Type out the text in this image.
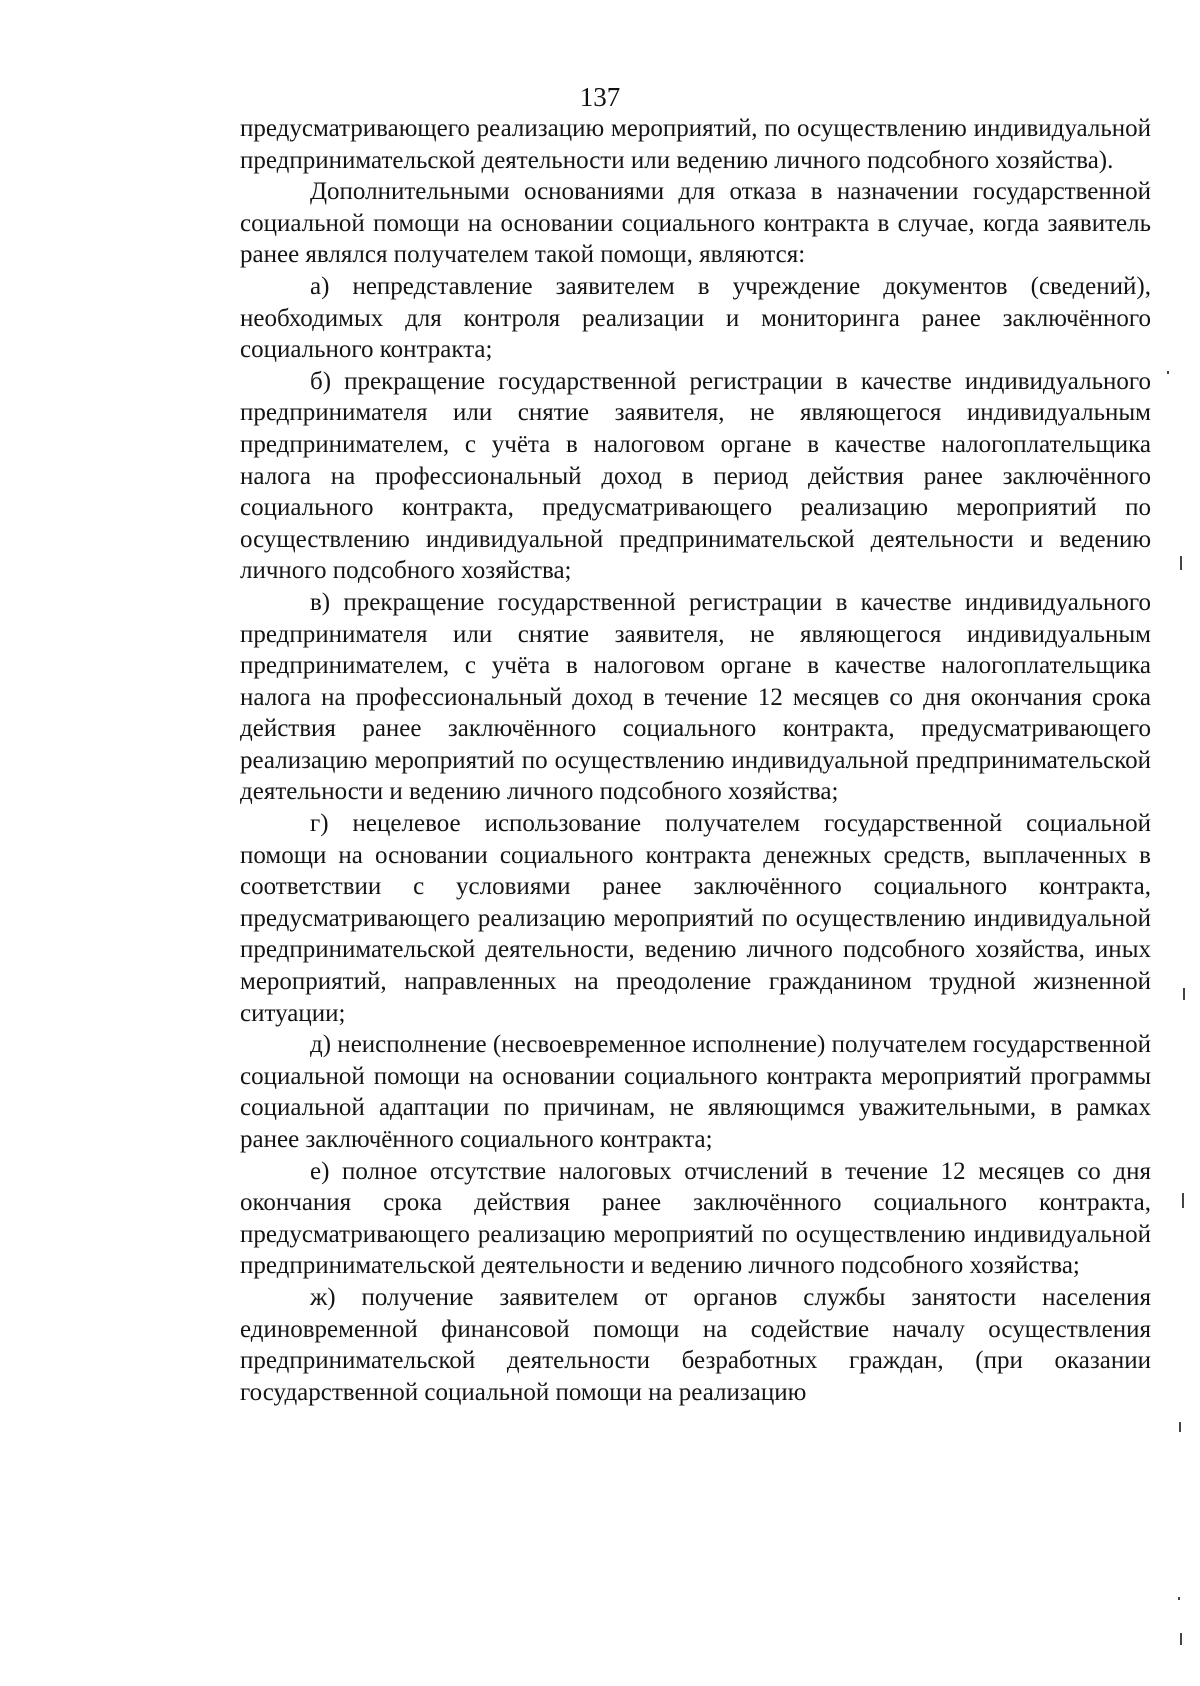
137

предусматривающего реализацию мероприятий, по осуществлению индивидуальной предпринимательской деятельности или ведению личного подсобного хозяйства).

Дополнительными основаниями для отказа в назначении государственной социальной помощи на основании социального контракта в случае, когда заявитель ранее являлся получателем такой помощи, являются:

а) непредставление заявителем в учреждение документов (сведений), необходимых для контроля реализации и мониторинга ранее заключённого социального контракта;

б) прекращение государственной регистрации в качестве индивидуального предпринимателя или снятие заявителя, не являющегося индивидуальным предпринимателем, с учёта в налоговом органе в качестве налогоплательщика налога на профессиональный доход в период действия ранее заключённого социального контракта, предусматривающего реализацию мероприятий по осуществлению индивидуальной предпринимательской деятельности и ведению личного подсобного хозяйства;

в) прекращение государственной регистрации в качестве индивидуального предпринимателя или снятие заявителя, не являющегося индивидуальным предпринимателем, с учёта в налоговом органе в качестве налогоплательщика налога на профессиональный доход в течение 12 месяцев со дня окончания срока действия ранее заключённого социального контракта, предусматривающего реализацию мероприятий по осуществлению индивидуальной предпринимательской деятельности и ведению личного подсобного хозяйства;

г) нецелевое использование получателем государственной социальной помощи на основании социального контракта денежных средств, выплаченных в соответствии с условиями ранее заключённого социального контракта, предусматривающего реализацию мероприятий по осуществлению индивидуальной предпринимательской деятельности, ведению личного подсобного хозяйства, иных мероприятий, направленных на преодоление гражданином трудной жизненной ситуации;

д) неисполнение (несвоевременное исполнение) получателем государственной социальной помощи на основании социального контракта мероприятий программы социальной адаптации по причинам, не являющимся уважительными, в рамках ранее заключённого социального контракта;

е) полное отсутствие налоговых отчислений в течение 12 месяцев со дня окончания срока действия ранее заключённого социального контракта, предусматривающего реализацию мероприятий по осуществлению индивидуальной предпринимательской деятельности и ведению личного подсобного хозяйства;

ж) получение заявителем от органов службы занятости населения единовременной финансовой помощи на содействие началу осуществления предпринимательской деятельности безработных граждан, (при оказании государственной социальной помощи на реализацию
